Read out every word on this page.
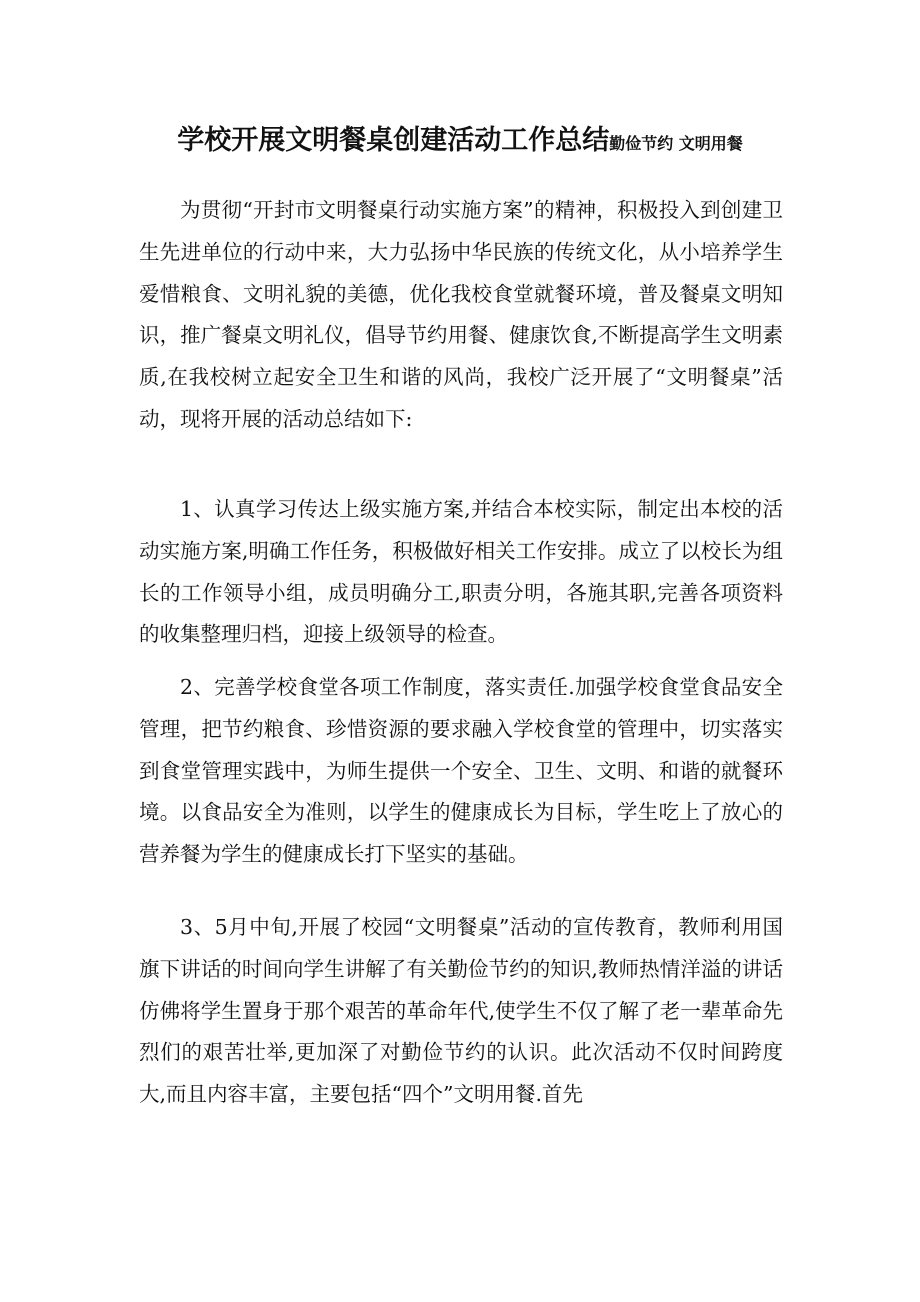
学校开展文明餐桌创建活动工作总结勤俭节约 文明用餐

为贯彻“开封市文明餐桌行动实施方案”的精神，积极投入到创建卫生先进单位的行动中来，大力弘扬中华民族的传统文化，从小培养学生爱惜粮食、文明礼貌的美德，优化我校食堂就餐环境，普及餐桌文明知识，推广餐桌文明礼仪，倡导节约用餐、健康饮食,不断提高学生文明素质,在我校树立起安全卫生和谐的风尚，我校广泛开展了“文明餐桌”活动，现将开展的活动总结如下:

1、认真学习传达上级实施方案,并结合本校实际，制定出本校的活动实施方案,明确工作任务，积极做好相关工作安排。成立了以校长为组长的工作领导小组，成员明确分工,职责分明，各施其职,完善各项资料的收集整理归档，迎接上级领导的检查。

2、完善学校食堂各项工作制度，落实责任.加强学校食堂食品安全管理，把节约粮食、珍惜资源的要求融入学校食堂的管理中，切实落实到食堂管理实践中，为师生提供一个安全、卫生、文明、和谐的就餐环境。以食品安全为准则，以学生的健康成长为目标，学生吃上了放心的营养餐为学生的健康成长打下坚实的基础。

3、5月中旬,开展了校园“文明餐桌”活动的宣传教育，教师利用国旗下讲话的时间向学生讲解了有关勤俭节约的知识,教师热情洋溢的讲话仿佛将学生置身于那个艰苦的革命年代,使学生不仅了解了老一辈革命先烈们的艰苦壮举,更加深了对勤俭节约的认识。此次活动不仅时间跨度大,而且内容丰富，主要包括“四个”文明用餐.首先
